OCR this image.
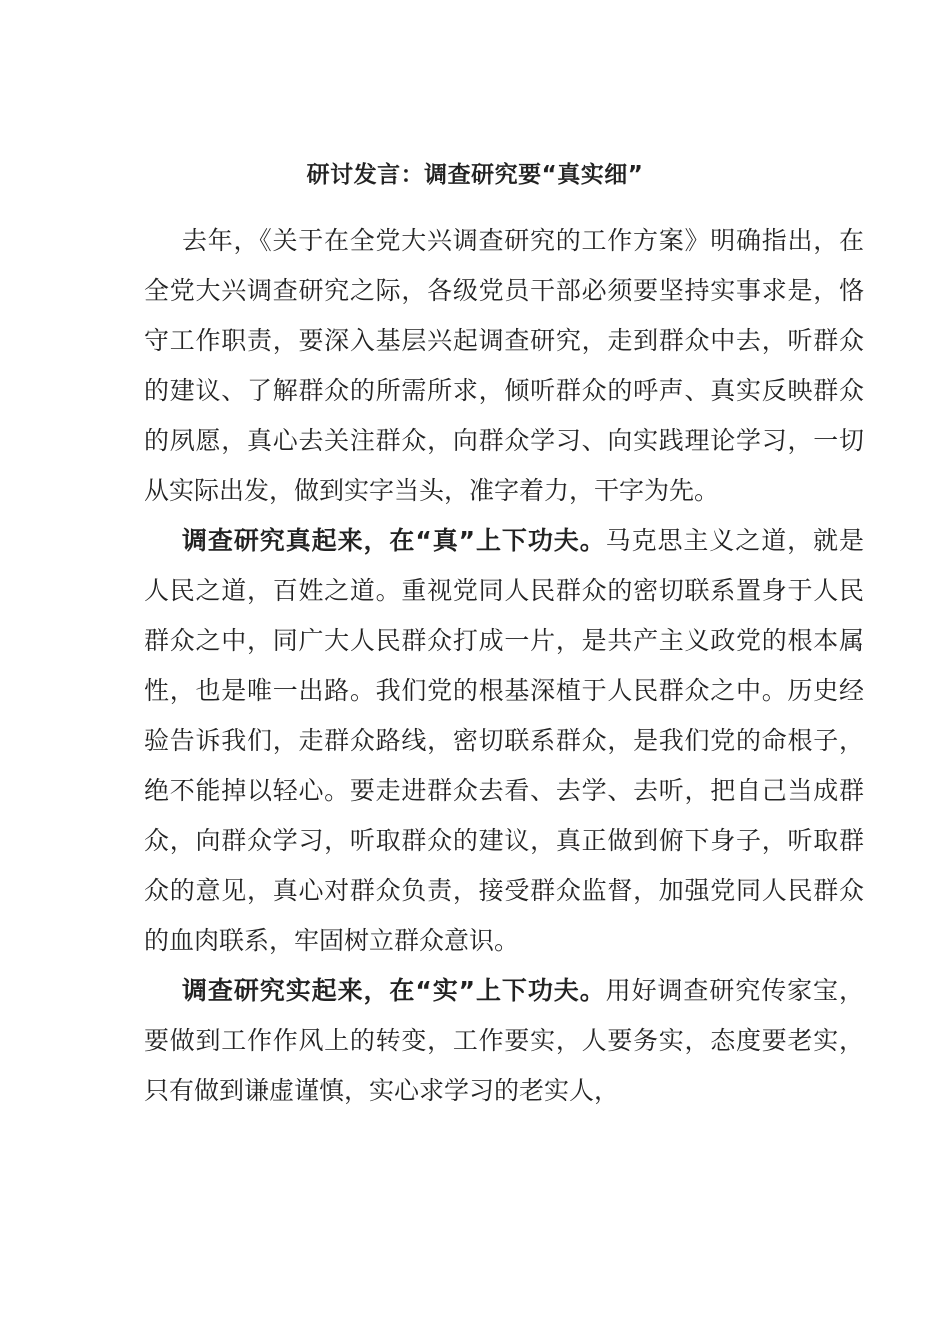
研讨发言：调查研究要“真实细”

去年，《关于在全党大兴调查研究的工作方案》明确指出，在全党大兴调查研究之际，各级党员干部必须要坚持实事求是，恪守工作职责，要深入基层兴起调查研究，走到群众中去，听群众的建议、了解群众的所需所求，倾听群众的呼声、真实反映群众的夙愿，真心去关注群众，向群众学习、向实践理论学习，一切从实际出发，做到实字当头，准字着力，干字为先。

调查研究真起来，在“真”上下功夫。马克思主义之道，就是人民之道，百姓之道。重视党同人民群众的密切联系置身于人民群众之中，同广大人民群众打成一片，是共产主义政党的根本属性，也是唯一出路。我们党的根基深植于人民群众之中。历史经验告诉我们，走群众路线，密切联系群众，是我们党的命根子，绝不能掉以轻心。要走进群众去看、去学、去听，把自己当成群众，向群众学习，听取群众的建议，真正做到俯下身子，听取群众的意见，真心对群众负责，接受群众监督，加强党同人民群众的血肉联系，牢固树立群众意识。

调查研究实起来，在“实”上下功夫。用好调查研究传家宝，要做到工作作风上的转变，工作要实，人要务实，态度要老实，只有做到谦虚谨慎，实心求学习的老实人，
